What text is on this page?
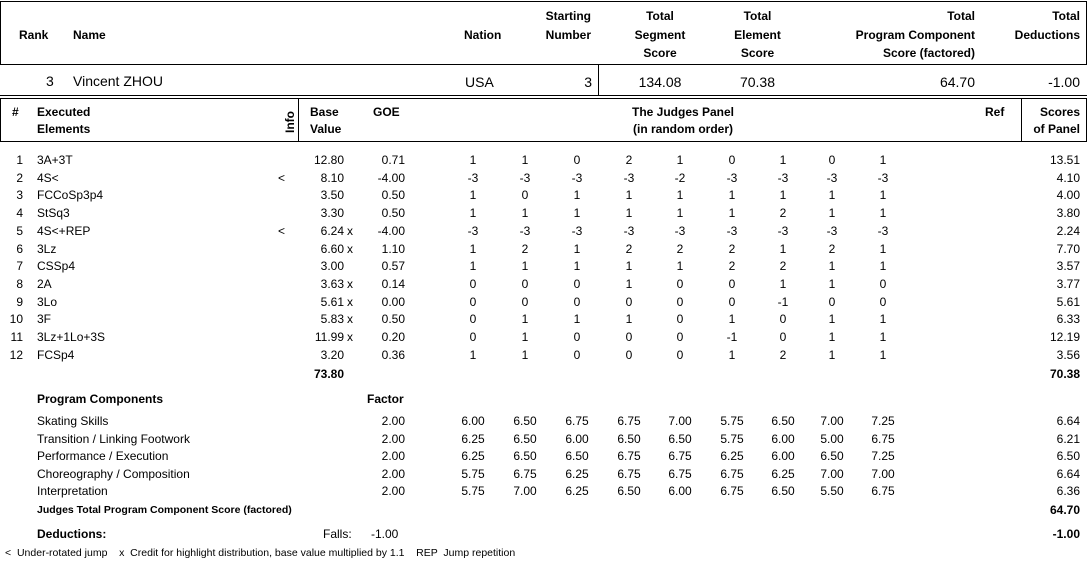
Rank Name	Nation
Starting
Number
Total
Segment
Score
Total
Element
Score
Total
Program Component
Score (factored)
Total
Deductions
3 Vincent ZHOU	USA	3	134.08	70.38	64.70	-1.00
# Executed
Elements	Info Base
Value
GOE	The Judges Panel
(in random order)
Ref	Scores
of Panel
1 3A+3T	12.80	0.71	1	1	0	2	1	0	1	0	1	13.51
2 4S<	<	8.10	-4.00	-3	-3	-3	-3	-2	-3	-3	-3	-3	4.10
3 FCCoSp3p4	3.50	0.50	1	0	1	1	1	1	1	1	1	4.00
4 StSq3	3.30	0.50	1	1	1	1	1	1	2	1	1	3.80
5 4S<+REP	<	6.24 x -4.00	-3	-3	-3	-3	-3	-3	-3	-3	-3	2.24
6 3Lz	6.60 x 1.10	1	2	1	2	2	2	1	2	1	7.70
7 CSSp4	3.00	0.57	1	1	1	1	1	2	2	1	1	3.57
8 2A	3.63 x 0.14	0	0	0	1	0	0	1	1	0	3.77
9 3Lo	5.61 x 0.00	0	0	0	0	0	0	-1	0	0	5.61
10 3F	5.83 x 0.50	0	1	1	1	0	1	0	1	1	6.33
11 3Lz+1Lo+3S	11.99 x 0.20	0	1	0	0	0	-1	0	1	1	12.19
12 FCSp4	3.20	0.36	1	1	0	0	0	1	2	1	1	3.56
73.80	70.38
Program Components	Factor
Skating Skills	2.00	6.00	6.50	6.75	6.75	7.00	5.75	6.50	7.00	7.25	6.64
Transition / Linking Footwork	2.00	6.25	6.50	6.00	6.50	6.50	5.75	6.00	5.00	6.75	6.21
Performance / Execution	2.00	6.25	6.50	6.50	6.75	6.75	6.25	6.00	6.50	7.25	6.50
Choreography / Composition	2.00	5.75	6.75	6.25	6.75	6.75	6.75	6.25	7.00	7.00	6.64
Interpretation	2.00	5.75	7.00	6.25	6.50	6.00	6.75	6.50	5.50	6.75	6.36
Judges Total Program Component Score (factored)	64.70
Deductions:	Falls: -1.00	-1.00
<  Under-rotated jump    x  Credit for highlight distribution, base value multiplied by 1.1    REP  Jump repetition
